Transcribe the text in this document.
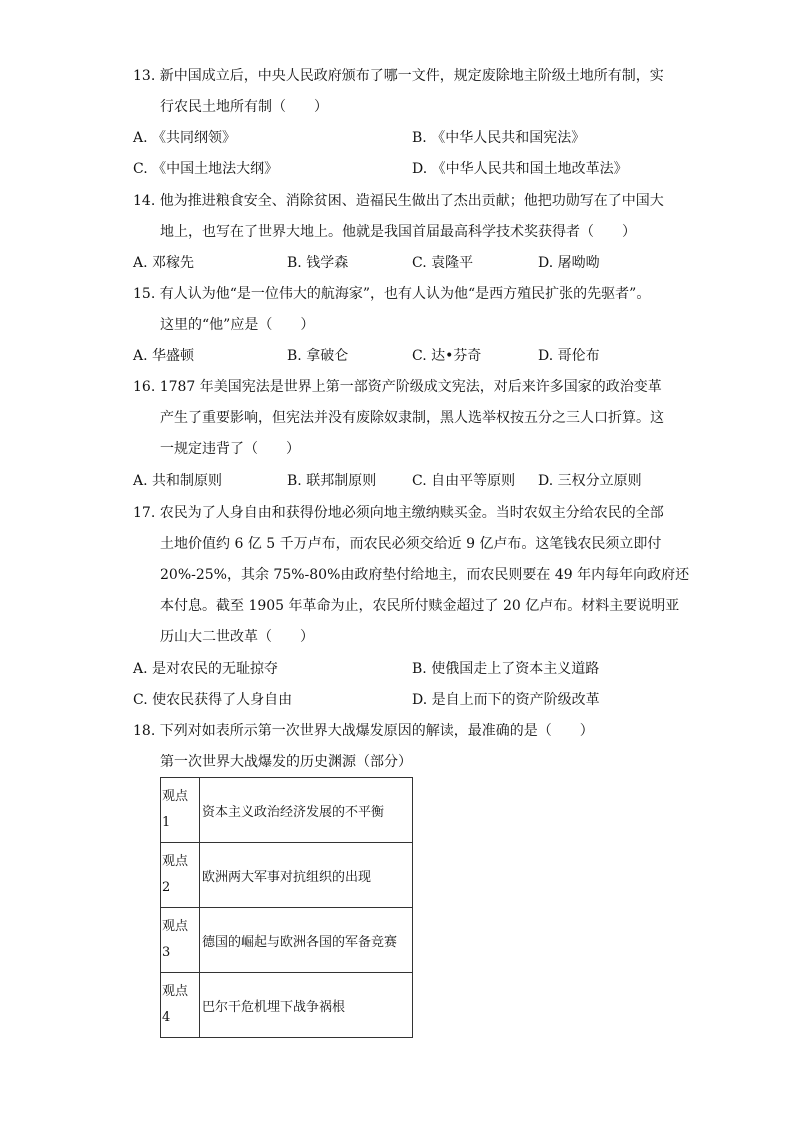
13. 新中国成立后，中央人民政府颁布了哪一文件，规定废除地主阶级土地所有制，实
行农民土地所有制（　　）
A. 《共同纲领》	B. 《中华人民共和国宪法》
C. 《中国土地法大纲》	D. 《中华人民共和国土地改革法》
14. 他为推进粮食安全、消除贫困、造福民生做出了杰出贡献；他把功勋写在了中国大
地上，也写在了世界大地上。他就是我国首届最高科学技术奖获得者（　　）
A. 邓稼先	B. 钱学森	C. 袁隆平	D. 屠呦呦
15. 有人认为他“是一位伟大的航海家”，也有人认为他“是西方殖民扩张的先驱者”。
这里的“他”应是（　　）
A. 华盛顿	B. 拿破仑	C. 达•芬奇	D. 哥伦布
16. 1787 年美国宪法是世界上第一部资产阶级成文宪法，对后来许多国家的政治变革
产生了重要影响，但宪法并没有废除奴隶制，黑人选举权按五分之三人口折算。这
一规定违背了（　　）
A. 共和制原则	B. 联邦制原则	C. 自由平等原则 D. 三权分立原则
17. 农民为了人身自由和获得份地必须向地主缴纳赎买金。当时农奴主分给农民的全部
土地价值约 6 亿 5 千万卢布，而农民必须交给近 9 亿卢布。这笔钱农民须立即付
20%-25%，其余 75%-80%由政府垫付给地主，而农民则要在 49 年内每年向政府还
本付息。截至 1905 年革命为止，农民所付赎金超过了 20 亿卢布。材料主要说明亚
历山大二世改革（　　）
A. 是对农民的无耻掠夺	B. 使俄国走上了资本主义道路
C. 使农民获得了人身自由	D. 是自上而下的资产阶级改革
18. 下列对如表所示第一次世界大战爆发原因的解读，最准确的是（　　）
第一次世界大战爆发的历史渊源（部分）
观点
1	资本主义政治经济发展的不平衡
观点
2	欧洲两大军事对抗组织的出现
观点
3	德国的崛起与欧洲各国的军备竞赛
观点
4	巴尔干危机埋下战争祸根
